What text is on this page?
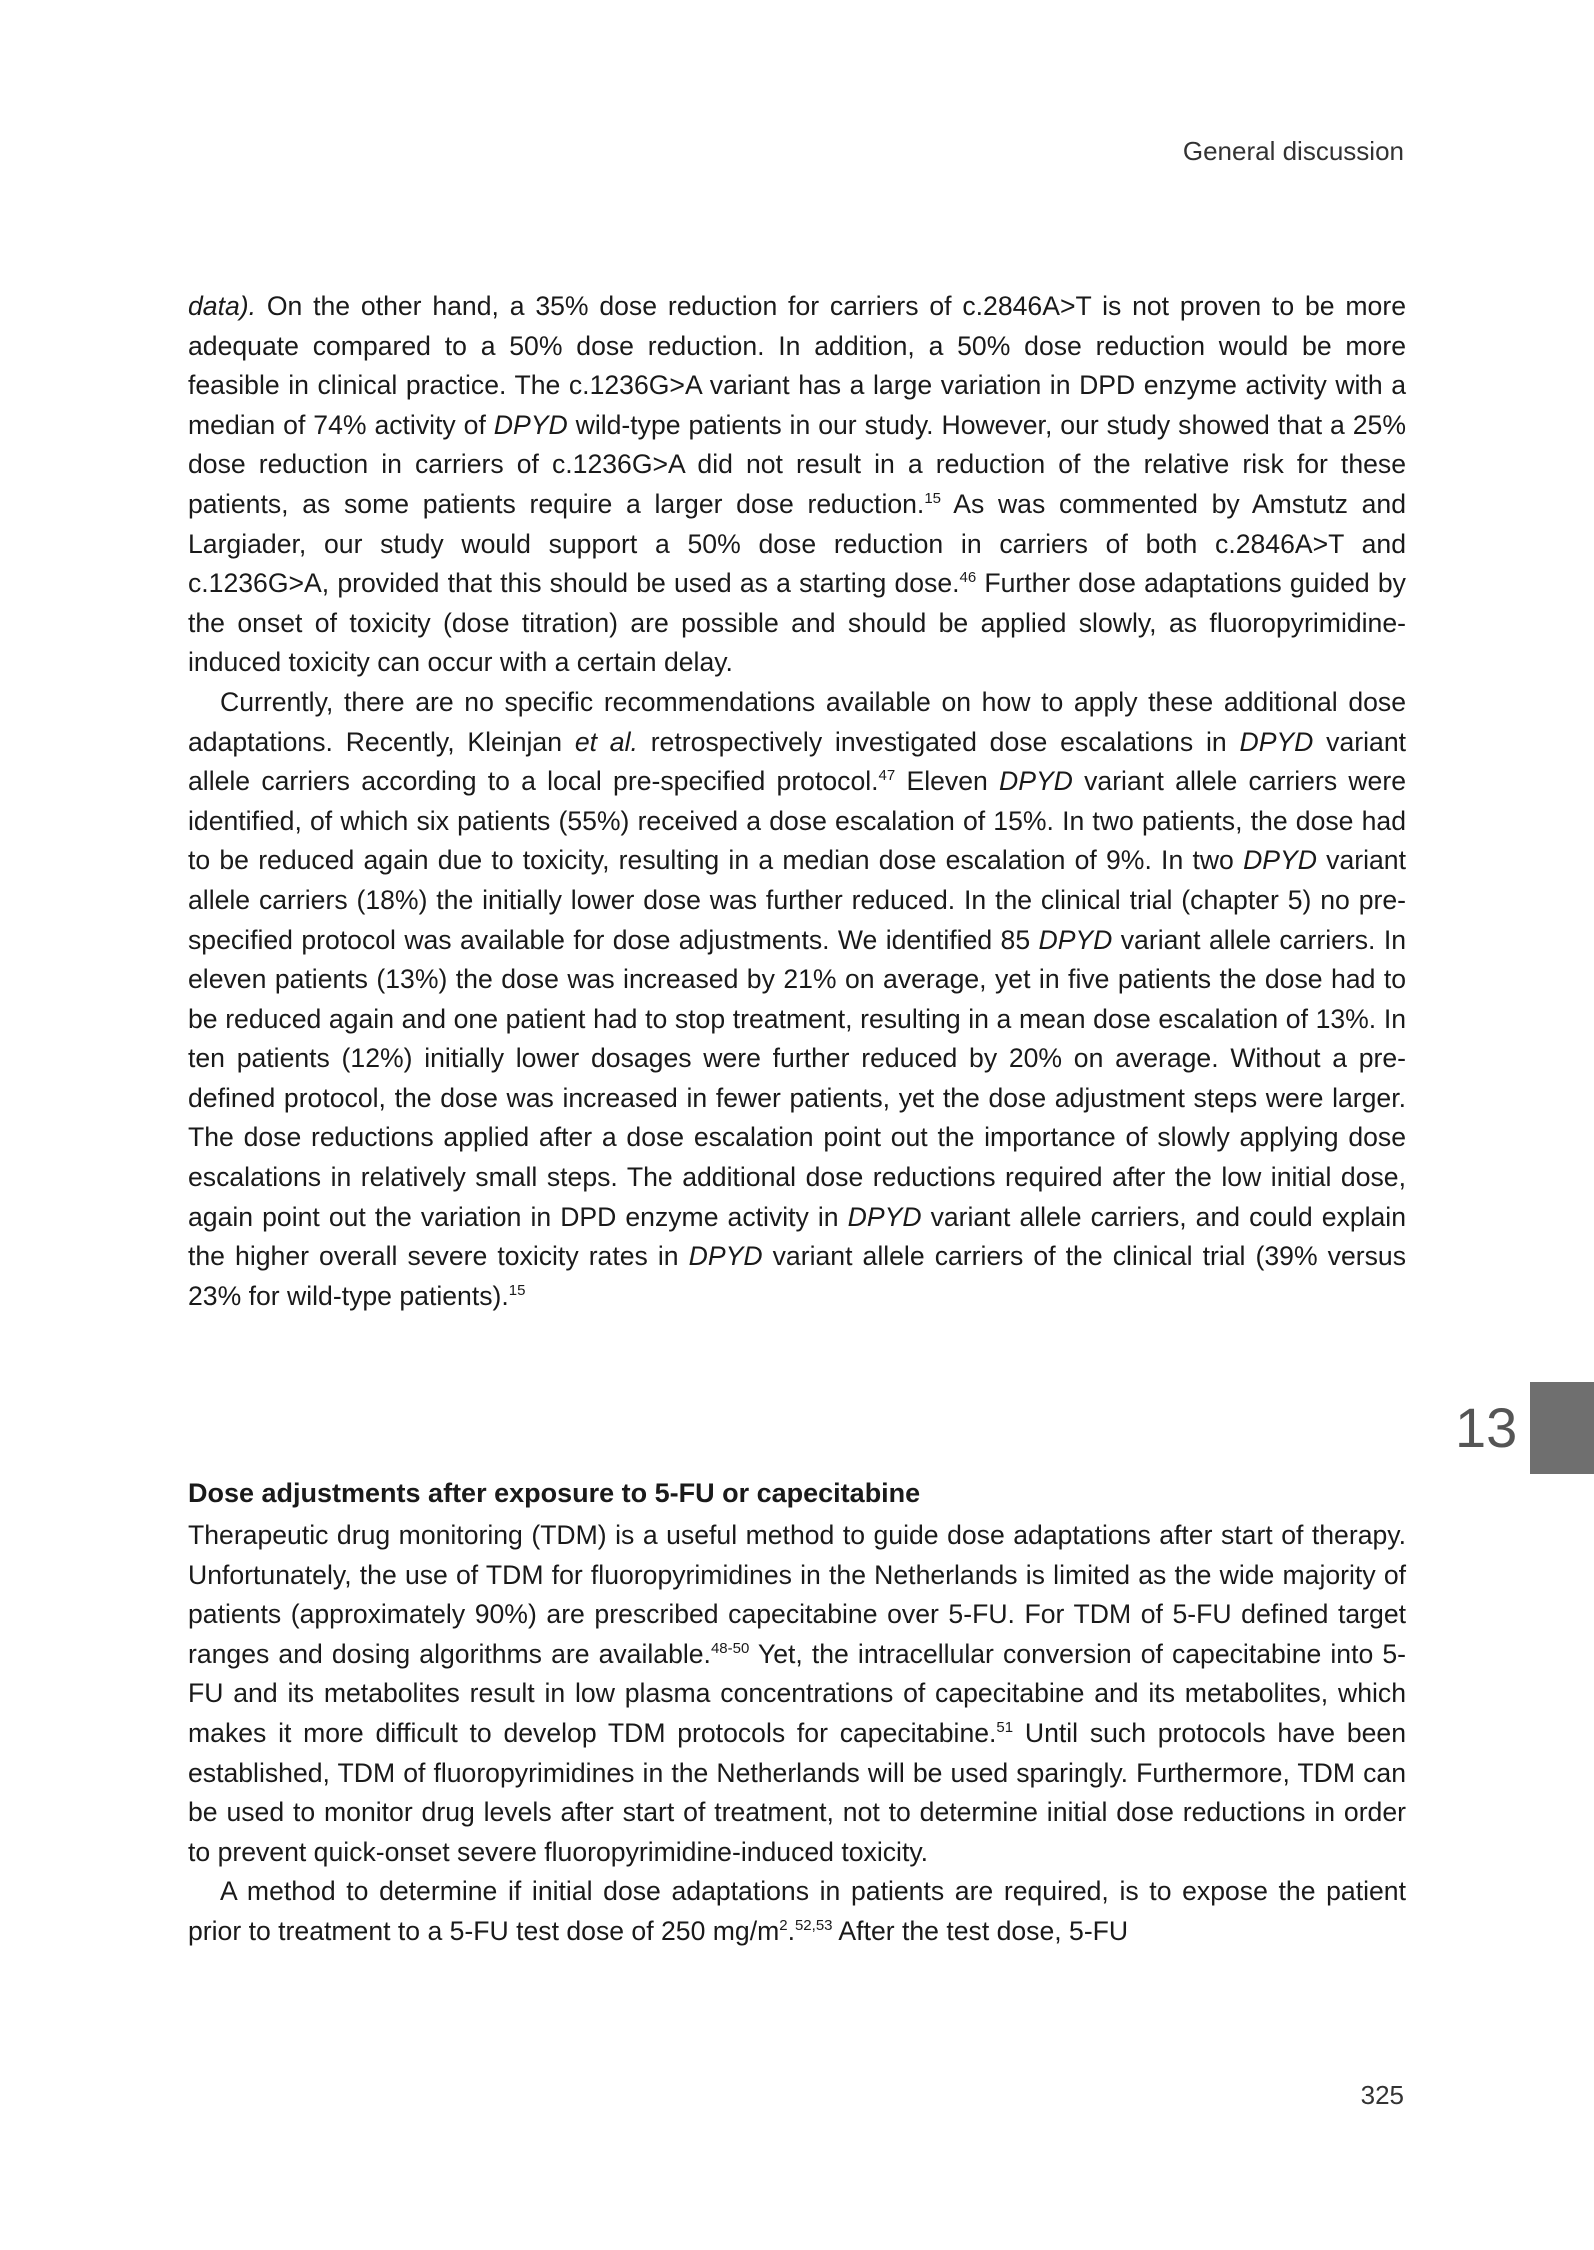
General discussion

data). On the other hand, a 35% dose reduction for carriers of c.2846A>T is not proven to be more adequate compared to a 50% dose reduction. In addition, a 50% dose reduction would be more feasible in clinical practice. The c.1236G>A variant has a large variation in DPD enzyme activity with a median of 74% activity of DPYD wild-type patients in our study. However, our study showed that a 25% dose reduction in carriers of c.1236G>A did not result in a reduction of the relative risk for these patients, as some patients require a larger dose reduction.$^{15}$ As was commented by Amstutz and Largiader, our study would support a 50% dose reduction in carriers of both c.2846A>T and c.1236G>A, provided that this should be used as a starting dose.$^{46}$ Further dose adaptations guided by the onset of toxicity (dose titration) are possible and should be applied slowly, as fluoropyrimidine-induced toxicity can occur with a certain delay.

Currently, there are no specific recommendations available on how to apply these additional dose adaptations. Recently, Kleinjan et al. retrospectively investigated dose escalations in DPYD variant allele carriers according to a local pre-specified protocol.$^{47}$ Eleven DPYD variant allele carriers were identified, of which six patients (55%) received a dose escalation of 15%. In two patients, the dose had to be reduced again due to toxicity, resulting in a median dose escalation of 9%. In two DPYD variant allele carriers (18%) the initially lower dose was further reduced. In the clinical trial (chapter 5) no pre-specified protocol was available for dose adjustments. We identified 85 DPYD variant allele carriers. In eleven patients (13%) the dose was increased by 21% on average, yet in five patients the dose had to be reduced again and one patient had to stop treatment, resulting in a mean dose escalation of 13%. In ten patients (12%) initially lower dosages were further reduced by 20% on average. Without a pre-defined protocol, the dose was increased in fewer patients, yet the dose adjustment steps were larger. The dose reductions applied after a dose escalation point out the importance of slowly applying dose escalations in relatively small steps. The additional dose reductions required after the low initial dose, again point out the variation in DPD enzyme activity in DPYD variant allele carriers, and could explain the higher overall severe toxicity rates in DPYD variant allele carriers of the clinical trial (39% versus 23% for wild-type patients).$^{15}$

Dose adjustments after exposure to 5-FU or capecitabine

Therapeutic drug monitoring (TDM) is a useful method to guide dose adaptations after start of therapy. Unfortunately, the use of TDM for fluoropyrimidines in the Netherlands is limited as the wide majority of patients (approximately 90%) are prescribed capecitabine over 5-FU. For TDM of 5-FU defined target ranges and dosing algorithms are available.$^{48-50}$ Yet, the intracellular conversion of capecitabine into 5-FU and its metabolites result in low plasma concentrations of capecitabine and its metabolites, which makes it more difficult to develop TDM protocols for capecitabine.$^{51}$ Until such protocols have been established, TDM of fluoropyrimidines in the Netherlands will be used sparingly. Furthermore, TDM can be used to monitor drug levels after start of treatment, not to determine initial dose reductions in order to prevent quick-onset severe fluoropyrimidine-induced toxicity.

A method to determine if initial dose adaptations in patients are required, is to expose the patient prior to treatment to a 5-FU test dose of 250 $mg/m^2.^{52,53}$ After the test dose, 5-FU

13
325
